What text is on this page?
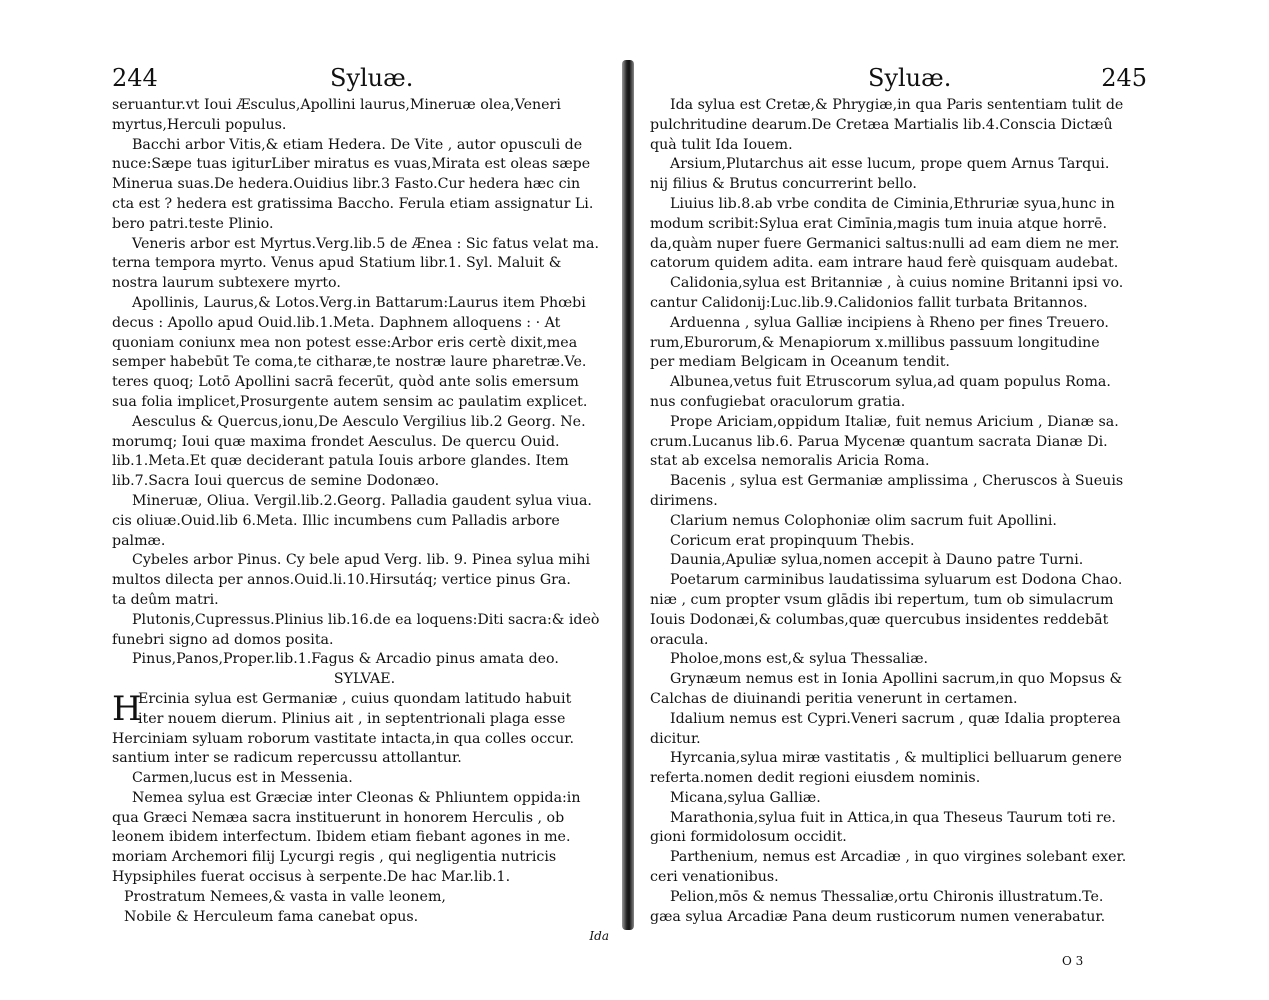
244	Syluæ.
seruantur.vt Ioui Æsculus,Apollini laurus,Mineruæ olea,Veneri
myrtus,Herculi populus.
Bacchi arbor Vitis,& etiam Hedera. De Vite , autor opusculi de
nuce:Sæpe tuas igiturLiber miratus es vuas,Mirata est oleas sæpe
Minerua suas.De hedera.Ouidius libr.3 Fasto.Cur hedera hæc cin
cta est ? hedera est gratissima Baccho. Ferula etiam assignatur Li.
bero patri.teste Plinio.
Veneris arbor est Myrtus.Verg.lib.5 de Ænea : Sic fatus velat ma.
terna tempora myrto. Venus apud Statium libr.1. Syl. Maluit &
nostra laurum subtexere myrto.
Apollinis, Laurus,& Lotos.Verg.in Battarum:Laurus item Phœbi
decus : Apollo apud Ouid.lib.1.Meta. Daphnem alloquens : · At
quoniam coniunx mea non potest esse:Arbor eris certè dixit,mea
semper habebūt Te coma,te citharæ,te nostræ laure pharetræ.Ve.
teres quoq; Lotō Apollini sacrā fecerūt, quòd ante solis emersum
sua folia implicet,Prosurgente autem sensim ac paulatim explicet.
Aesculus & Quercus,ionu,De Aesculo Vergilius lib.2 Georg. Ne.
morumq; Ioui quæ maxima frondet Aesculus. De quercu Ouid.
lib.1.Meta.Et quæ deciderant patula Iouis arbore glandes. Item
lib.7.Sacra Ioui quercus de semine Dodonæo.
Mineruæ, Oliua. Vergil.lib.2.Georg. Palladia gaudent sylua viua.
cis oliuæ.Ouid.lib 6.Meta. Illic incumbens cum Palladis arbore
palmæ.
Cybeles arbor Pinus. Cy bele apud Verg. lib. 9. Pinea sylua mihi
multos dilecta per annos.Ouid.li.10.Hirsutáq; vertice pinus Gra.
ta deûm matri.
Plutonis,Cupressus.Plinius lib.16.de ea loquens:Diti sacra:& ideò
funebri signo ad domos posita.
Pinus,Panos,Proper.lib.1.Fagus & Arcadio pinus amata deo.
SYLVAE.
H
Ercinia sylua est Germaniæ , cuius quondam latitudo habuit
iter nouem dierum. Plinius ait , in septentrionali plaga esse
Herciniam syluam roborum vastitate intacta,in qua colles occur.
santium inter se radicum repercussu attollantur.
Carmen,lucus est in Messenia.
Nemea sylua est Græciæ inter Cleonas & Phliuntem oppida:in
qua Græci Nemæa sacra instituerunt in honorem Herculis , ob
leonem ibidem interfectum. Ibidem etiam fiebant agones in me.
moriam Archemori filij Lycurgi regis , qui negligentia nutricis
Hypsiphiles fuerat occisus à serpente.De hac Mar.lib.1.
Prostratum Nemees,& vasta in valle leonem,
Nobile & Herculeum fama canebat opus.
Ida
Syluæ.	245
Ida sylua est Cretæ,& Phrygiæ,in qua Paris sententiam tulit de
pulchritudine dearum.De Cretæa Martialis lib.4.Conscia Dictæû
quà tulit Ida Iouem.
Arsium,Plutarchus ait esse lucum, prope quem Arnus Tarqui.
nij filius & Brutus concurrerint bello.
Liuius lib.8.ab vrbe condita de Ciminia,Ethruriæ syua,hunc in
modum scribit:Sylua erat Cimīnia,magis tum inuia atque horrē.
da,quàm nuper fuere Germanici saltus:nulli ad eam diem ne mer.
catorum quidem adita. eam intrare haud ferè quisquam audebat.
Calidonia,sylua est Britanniæ , à cuius nomine Britanni ipsi vo.
cantur Calidonij:Luc.lib.9.Calidonios fallit turbata Britannos.
Arduenna , sylua Galliæ incipiens à Rheno per fines Treuero.
rum,Eburorum,& Menapiorum x.millibus passuum longitudine
per mediam Belgicam in Oceanum tendit.
Albunea,vetus fuit Etruscorum sylua,ad quam populus Roma.
nus confugiebat oraculorum gratia.
Prope Ariciam,oppidum Italiæ, fuit nemus Aricium , Dianæ sa.
crum.Lucanus lib.6. Parua Mycenæ quantum sacrata Dianæ Di.
stat ab excelsa nemoralis Aricia Roma.
Bacenis , sylua est Germaniæ amplissima , Cheruscos à Sueuis
dirimens.
Clarium nemus Colophoniæ olim sacrum fuit Apollini.
Coricum erat propinquum Thebis.
Daunia,Apuliæ sylua,nomen accepit à Dauno patre Turni.
Poetarum carminibus laudatissima syluarum est Dodona Chao.
niæ , cum propter vsum glādis ibi repertum, tum ob simulacrum
Iouis Dodonæi,& columbas,quæ quercubus insidentes reddebāt
oracula.
Pholoe,mons est,& sylua Thessaliæ.
Grynæum nemus est in Ionia Apollini sacrum,in quo Mopsus &
Calchas de diuinandi peritia venerunt in certamen.
Idalium nemus est Cypri.Veneri sacrum , quæ Idalia propterea
dicitur.
Hyrcania,sylua miræ vastitatis , & multiplici belluarum genere
referta.nomen dedit regioni eiusdem nominis.
Micana,sylua Galliæ.
Marathonia,sylua fuit in Attica,in qua Theseus Taurum toti re.
gioni formidolosum occidit.
Parthenium, nemus est Arcadiæ , in quo virgines solebant exer.
ceri venationibus.
Pelion,mōs & nemus Thessaliæ,ortu Chironis illustratum.Te.
gæa sylua Arcadiæ Pana deum rusticorum numen venerabatur.
O 3
